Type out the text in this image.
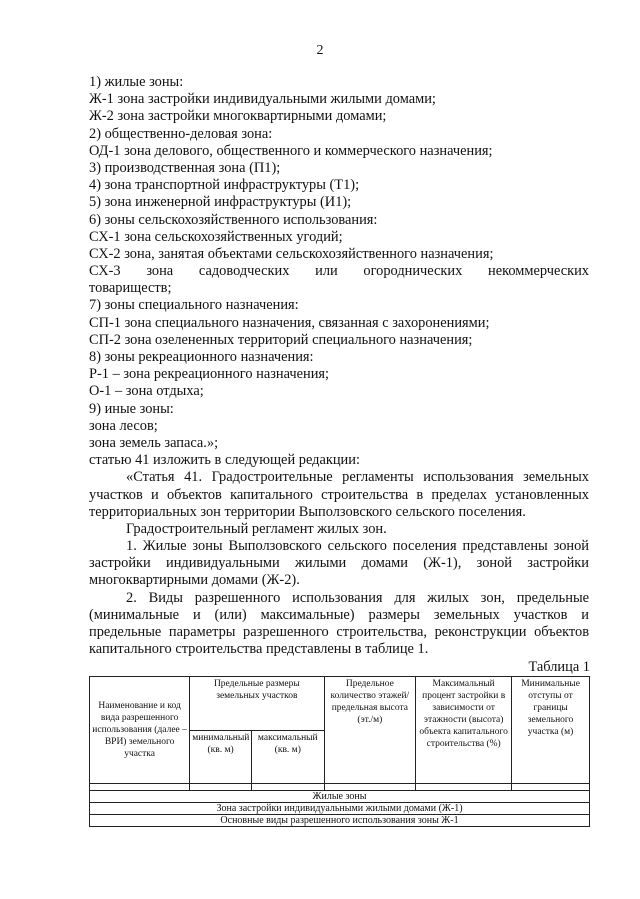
2
1) жилые зоны:
Ж-1 зона застройки индивидуальными жилыми домами;
Ж-2 зона застройки многоквартирными домами;
2) общественно-деловая зона:
ОД-1 зона делового, общественного и коммерческого назначения;
3) производственная зона (П1);
4) зона транспортной инфраструктуры (Т1);
5) зона инженерной инфраструктуры (И1);
6) зоны сельскохозяйственного использования:
СХ-1 зона сельскохозяйственных угодий;
СХ-2 зона, занятая объектами сельскохозяйственного назначения;
СХ-3 зона садоводческих или огороднических некоммерческих
товариществ;
7) зоны специального назначения:
СП-1 зона специального назначения, связанная с захоронениями;
СП-2 зона озелененных территорий специального назначения;
8) зоны рекреационного назначения:
Р-1 – зона рекреационного назначения;
О-1 – зона отдыха;
9) иные зоны:
зона лесов;
зона земель запаса.»;
статью 41 изложить в следующей редакции:
«Статья 41. Градостроительные регламенты использования земельных
участков и объектов капитального строительства в пределах установленных
территориальных зон территории Выползовского сельского поселения.
Градостроительный регламент жилых зон.
1. Жилые зоны Выползовского сельского поселения представлены зоной
застройки индивидуальными жилыми домами (Ж-1), зоной застройки
многоквартирными домами (Ж-2).
2. Виды разрешенного использования для жилых зон, предельные
(минимальные и (или) максимальные) размеры земельных участков и
предельные параметры разрешенного строительства, реконструкции объектов
капитального строительства представлены в таблице 1.
Таблица 1
Наименование и код вида разрешенного использования (далее – ВРИ) земельного участка	Предельные размеры земельных участков		Предельное количество этажей/предельная высота (эт./м)	Максимальный процент застройки в зависимости от этажности (высота) объекта капитального строительства (%)	Минимальные отступы от границы земельного участка (м)
	минимальный (кв. м)	максимальный (кв. м)			

Жилые зоны					
Зона застройки индивидуальными жилыми домами (Ж-1)					
Основные виды разрешенного использования зоны Ж-1					
